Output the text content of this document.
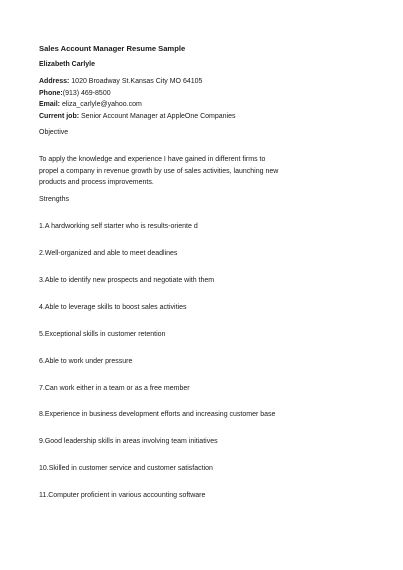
Sales Account Manager Resume Sample
Elizabeth Carlyle
Address: 1020 Broadway St.Kansas City MO 64105
Phone:(913) 469-8500
Email: eliza_carlyle@yahoo.com
Current job: Senior Account Manager at AppleOne Companies
Objective
To apply the knowledge and experience I have gained in different firms to
propel a company in revenue growth by use of sales activities, launching new
products and process improvements.
Strengths
1.A hardworking self starter who is results-oriente d
2.Well-organized and able to meet deadlines
3.Able to identify new prospects and negotiate with them
4.Able to leverage skills to boost sales activities
5.Exceptional skills in customer retention
6.Able to work under pressure
7.Can work either in a team or as a free member
8.Experience in business development efforts and increasing customer base
9.Good leadership skills in areas involving team initiatives
10.Skilled in customer service and customer satisfaction
11.Computer proficient in various accounting software
